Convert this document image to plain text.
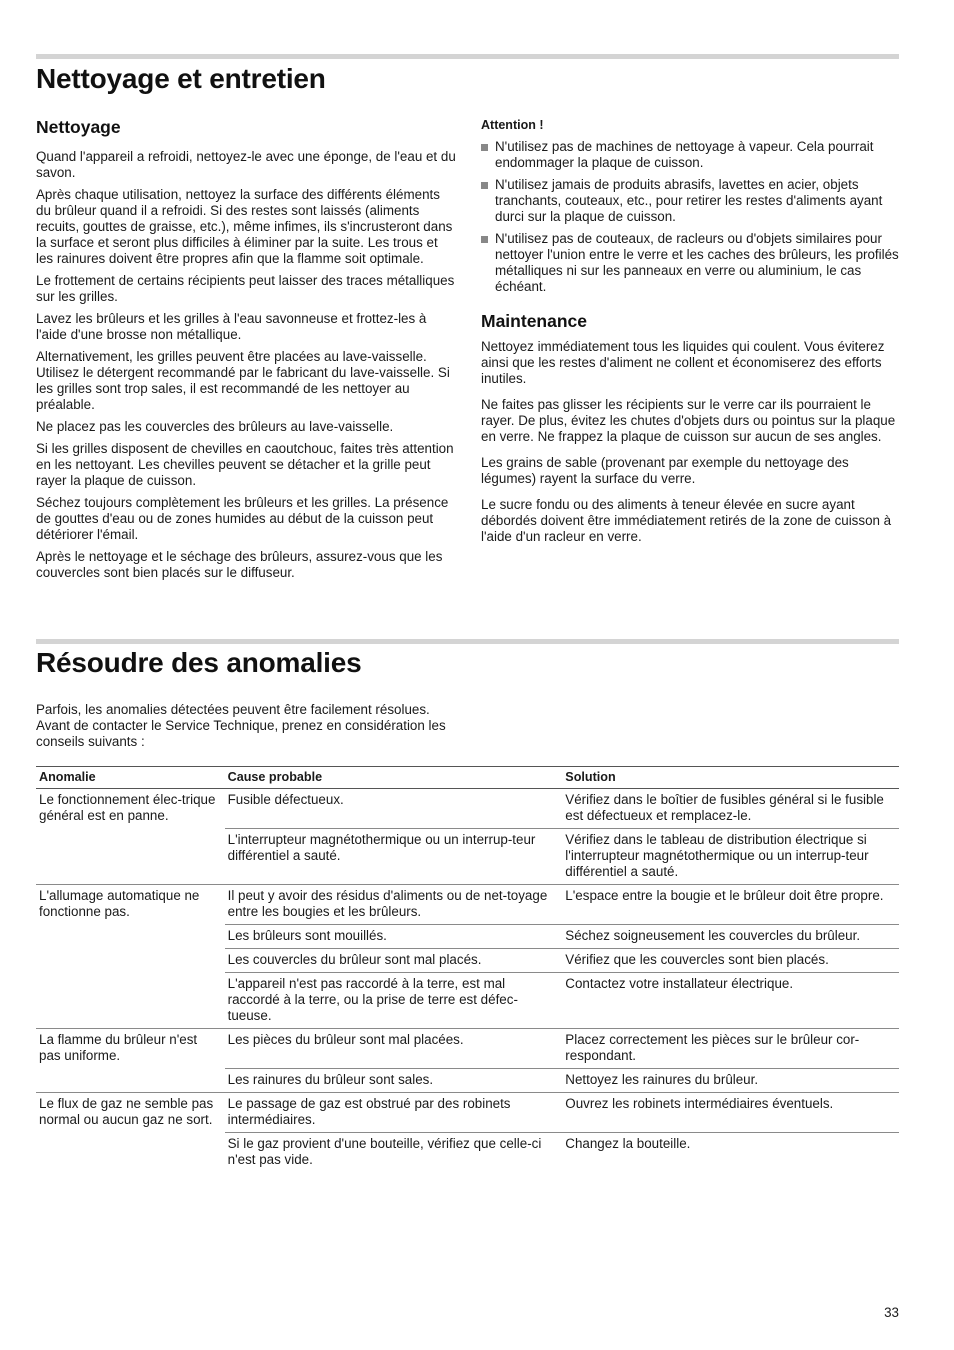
Nettoyage et entretien
Nettoyage

Quand l'appareil a refroidi, nettoyez-le avec une éponge, de l'eau et du savon.

Après chaque utilisation, nettoyez la surface des différents éléments du brûleur quand il a refroidi. Si des restes sont laissés (aliments recuits, gouttes de graisse, etc.), même infimes, ils s'incrusteront dans la surface et seront plus difficiles à éliminer par la suite. Les trous et les rainures doivent être propres afin que la flamme soit optimale.

Le frottement de certains récipients peut laisser des traces métalliques sur les grilles.

Lavez les brûleurs et les grilles à l'eau savonneuse et frottez-les à l'aide d'une brosse non métallique.

Alternativement, les grilles peuvent être placées au lave-vaisselle. Utilisez le détergent recommandé par le fabricant du lave-vaisselle. Si les grilles sont trop sales, il est recommandé de les nettoyer au préalable.

Ne placez pas les couvercles des brûleurs au lave-vaisselle.

Si les grilles disposent de chevilles en caoutchouc, faites très attention en les nettoyant. Les chevilles peuvent se détacher et la grille peut rayer la plaque de cuisson.

Séchez toujours complètement les brûleurs et les grilles. La présence de gouttes d'eau ou de zones humides au début de la cuisson peut détériorer l'émail.

Après le nettoyage et le séchage des brûleurs, assurez-vous que les couvercles sont bien placés sur le diffuseur.

Attention !
N'utilisez pas de machines de nettoyage à vapeur. Cela pourrait endommager la plaque de cuisson.
N'utilisez jamais de produits abrasifs, lavettes en acier, objets tranchants, couteaux, etc., pour retirer les restes d'aliments ayant durci sur la plaque de cuisson.
N'utilisez pas de couteaux, de racleurs ou d'objets similaires pour nettoyer l'union entre le verre et les caches des brûleurs, les profilés métalliques ni sur les panneaux en verre ou aluminium, le cas échéant.
Maintenance

Nettoyez immédiatement tous les liquides qui coulent. Vous éviterez ainsi que les restes d'aliment ne collent et économiserez des efforts inutiles.

Ne faites pas glisser les récipients sur le verre car ils pourraient le rayer. De plus, évitez les chutes d'objets durs ou pointus sur la plaque en verre. Ne frappez la plaque de cuisson sur aucun de ses angles.

Les grains de sable (provenant par exemple du nettoyage des légumes) rayent la surface du verre.

Le sucre fondu ou des aliments à teneur élevée en sucre ayant débordés doivent être immédiatement retirés de la zone de cuisson à l'aide d'un racleur en verre.

Résoudre des anomalies
Parfois, les anomalies détectées peuvent être facilement résolues. Avant de contacter le Service Technique, prenez en considération les conseils suivants :
Anomalie	Cause probable	Solution
Le fonctionnement élec-trique général est en panne.	Fusible défectueux.	Vérifiez dans le boîtier de fusibles général si le fusible est défectueux et remplacez-le.
	L'interrupteur magnétothermique ou un interrup-teur différentiel a sauté.	Vérifiez dans le tableau de distribution électrique si l'interrupteur magnétothermique ou un interrup-teur différentiel a sauté.
L'allumage automatique ne fonctionne pas.	Il peut y avoir des résidus d'aliments ou de net-toyage entre les bougies et les brûleurs.	L'espace entre la bougie et le brûleur doit être propre.
	Les brûleurs sont mouillés.	Séchez soigneusement les couvercles du brûleur.
	Les couvercles du brûleur sont mal placés.	Vérifiez que les couvercles sont bien placés.
	L'appareil n'est pas raccordé à la terre, est mal raccordé à la terre, ou la prise de terre est défec-tueuse.	Contactez votre installateur électrique.
La flamme du brûleur n'est pas uniforme.	Les pièces du brûleur sont mal placées.	Placez correctement les pièces sur le brûleur cor-respondant.
	Les rainures du brûleur sont sales.	Nettoyez les rainures du brûleur.
Le flux de gaz ne semble pas normal ou aucun gaz ne sort.	Le passage de gaz est obstrué par des robinets intermédiaires.	Ouvrez les robinets intermédiaires éventuels.
	Si le gaz provient d'une bouteille, vérifiez que celle-ci n'est pas vide.	Changez la bouteille.
33
